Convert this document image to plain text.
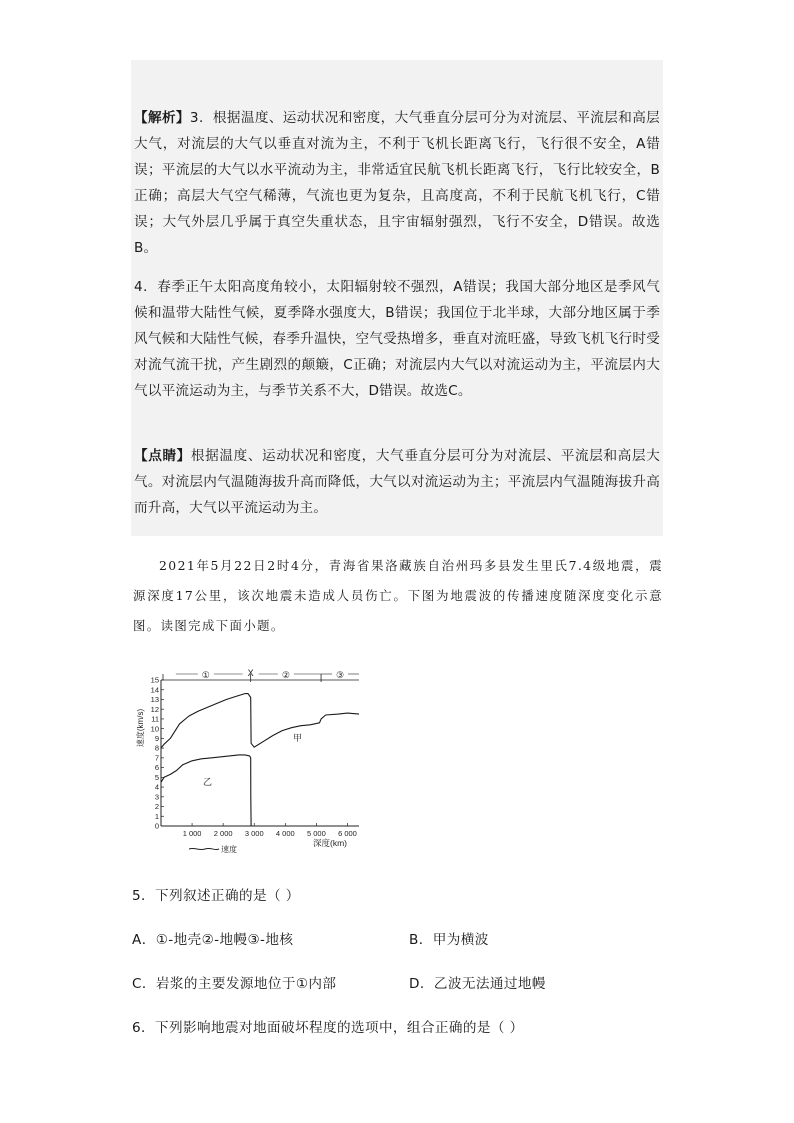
【解析】3．根据温度、运动状况和密度，大气垂直分层可分为对流层、平流层和高层大气，对流层的大气以垂直对流为主，不利于飞机长距离飞行，飞行很不安全，A错误；平流层的大气以水平流动为主，非常适宜民航飞机长距离飞行，飞行比较安全，B正确；高层大气空气稀薄，气流也更为复杂，且高度高，不利于民航飞机飞行，C错误；大气外层几乎属于真空失重状态，且宇宙辐射强烈，飞行不安全，D错误。故选B。

4．春季正午太阳高度角较小，太阳辐射较不强烈，A错误；我国大部分地区是季风气候和温带大陆性气候，夏季降水强度大，B错误；我国位于北半球，大部分地区属于季风气候和大陆性气候，春季升温快，空气受热增多，垂直对流旺盛，导致飞机飞行时受对流气流干扰，产生剧烈的颠簸，C正确；对流层内大气以对流运动为主，平流层内大气以平流运动为主，与季节关系不大，D错误。故选C。

【点睛】根据温度、运动状况和密度，大气垂直分层可分为对流层、平流层和高层大气。对流层内气温随海拔升高而降低，大气以对流运动为主；平流层内气温随海拔升高而升高，大气以平流运动为主。

2021年5月22日2时4分，青海省果洛藏族自治州玛多县发生里氏7.4级地震，震源深度17公里，该次地震未造成人员伤亡。下图为地震波的传播速度随深度变化示意图。读图完成下面小题。

①	X	②	③
0
1
2
3
4
5
6
7
8
9
10
11
12
13
14
15
1 000 2 000 3 000 4 000 5 000 6 000
速度(km/s)
深度(km)
甲
乙
速度

5．下列叙述正确的是（ ）

A．①-地壳②-地幔③-地核	B．甲为横波

C．岩浆的主要发源地位于①内部	D．乙波无法通过地幔

6．下列影响地震对地面破坏程度的选项中，组合正确的是（ ）
